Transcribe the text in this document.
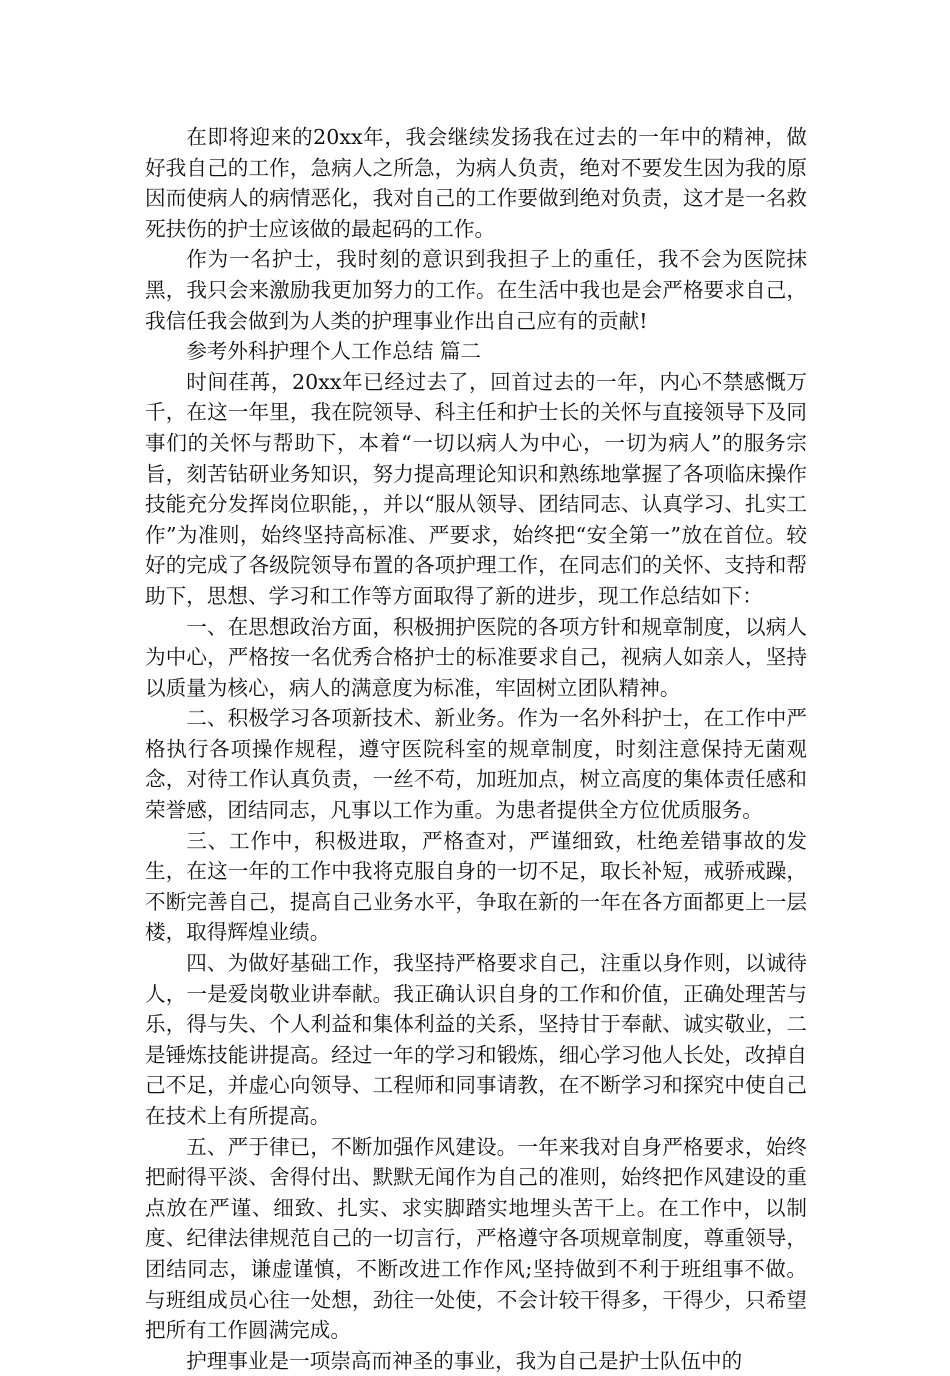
在即将迎来的20xx年，我会继续发扬我在过去的一年中的精神，做好我自己的工作，急病人之所急，为病人负责，绝对不要发生因为我的原因而使病人的病情恶化，我对自己的工作要做到绝对负责，这才是一名救死扶伤的护士应该做的最起码的工作。

作为一名护士，我时刻的意识到我担子上的重任，我不会为医院抹黑，我只会来激励我更加努力的工作。在生活中我也是会严格要求自己，我信任我会做到为人类的护理事业作出自己应有的贡献!

参考外科护理个人工作总结 篇二

时间荏苒，20xx年已经过去了，回首过去的一年，内心不禁感慨万千，在这一年里，我在院领导、科主任和护士长的关怀与直接领导下及同事们的关怀与帮助下，本着“一切以病人为中心，一切为病人”的服务宗旨，刻苦钻研业务知识，努力提高理论知识和熟练地掌握了各项临床操作技能充分发挥岗位职能，，并以“服从领导、团结同志、认真学习、扎实工作”为准则，始终坚持高标准、严要求，始终把“安全第一”放在首位。较好的完成了各级院领导布置的各项护理工作，在同志们的关怀、支持和帮助下，思想、学习和工作等方面取得了新的进步，现工作总结如下：

一、在思想政治方面，积极拥护医院的各项方针和规章制度，以病人为中心，严格按一名优秀合格护士的标准要求自己，视病人如亲人，坚持以质量为核心，病人的满意度为标准，牢固树立团队精神。

二、积极学习各项新技术、新业务。作为一名外科护士，在工作中严格执行各项操作规程，遵守医院科室的规章制度，时刻注意保持无菌观念，对待工作认真负责，一丝不苟，加班加点，树立高度的集体责任感和荣誉感，团结同志，凡事以工作为重。为患者提供全方位优质服务。

三、工作中，积极进取，严格查对，严谨细致，杜绝差错事故的发生，在这一年的工作中我将克服自身的一切不足，取长补短，戒骄戒躁，不断完善自己，提高自己业务水平，争取在新的一年在各方面都更上一层楼，取得辉煌业绩。

四、为做好基础工作，我坚持严格要求自己，注重以身作则，以诚待人，一是爱岗敬业讲奉献。我正确认识自身的工作和价值，正确处理苦与乐，得与失、个人利益和集体利益的关系，坚持甘于奉献、诚实敬业，二是锤炼技能讲提高。经过一年的学习和锻炼，细心学习他人长处，改掉自己不足，并虚心向领导、工程师和同事请教，在不断学习和探究中使自己在技术上有所提高。

五、严于律已，不断加强作风建设。一年来我对自身严格要求，始终把耐得平淡、舍得付出、默默无闻作为自己的准则，始终把作风建设的重点放在严谨、细致、扎实、求实脚踏实地埋头苦干上。在工作中，以制度、纪律法律规范自己的一切言行，严格遵守各项规章制度，尊重领导，团结同志，谦虚谨慎，不断改进工作作风;坚持做到不利于班组事不做。与班组成员心往一处想，劲往一处使，不会计较干得多，干得少，只希望把所有工作圆满完成。

护理事业是一项崇高而神圣的事业，我为自己是护士队伍中的
